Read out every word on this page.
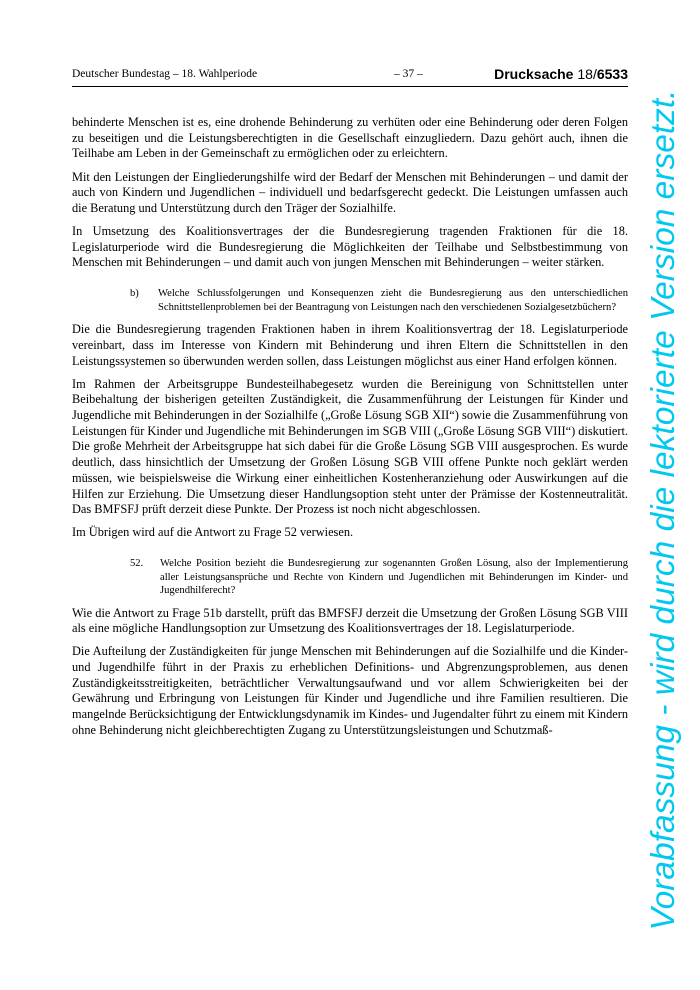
Deutscher Bundestag – 18. Wahlperiode	– 37 –	Drucksache 18/6533

behinderte Menschen ist es, eine drohende Behinderung zu verhüten oder eine Behinderung oder deren Folgen zu beseitigen und die Leistungsberechtigten in die Gesellschaft einzugliedern. Dazu gehört auch, ihnen die Teilhabe am Leben in der Gemeinschaft zu ermöglichen oder zu erleichtern.

Mit den Leistungen der Eingliederungshilfe wird der Bedarf der Menschen mit Behinderungen – und damit der auch von Kindern und Jugendlichen – individuell und bedarfsgerecht gedeckt. Die Leistungen umfassen auch die Beratung und Unterstützung durch den Träger der Sozialhilfe.

In Umsetzung des Koalitionsvertrages der die Bundesregierung tragenden Fraktionen für die 18. Legislaturperiode wird die Bundesregierung die Möglichkeiten der Teilhabe und Selbstbestimmung von Menschen mit Behinderungen – und damit auch von jungen Menschen mit Behinderungen – weiter stärken.

b)	Welche Schlussfolgerungen und Konsequenzen zieht die Bundesregierung aus den unterschiedlichen Schnittstellenproblemen bei der Beantragung von Leistungen nach den verschiedenen Sozialgesetzbüchern?

Die die Bundesregierung tragenden Fraktionen haben in ihrem Koalitionsvertrag der 18. Legislaturperiode vereinbart, dass im Interesse von Kindern mit Behinderung und ihren Eltern die Schnittstellen in den Leistungssystemen so überwunden werden sollen, dass Leistungen möglichst aus einer Hand erfolgen können.

Im Rahmen der Arbeitsgruppe Bundesteilhabegesetz wurden die Bereinigung von Schnittstellen unter Beibehaltung der bisherigen geteilten Zuständigkeit, die Zusammenführung der Leistungen für Kinder und Jugendliche mit Behinderungen in der Sozialhilfe („Große Lösung SGB XII“) sowie die Zusammenführung von Leistungen für Kinder und Jugendliche mit Behinderungen im SGB VIII („Große Lösung SGB VIII“) diskutiert. Die große Mehrheit der Arbeitsgruppe hat sich dabei für die Große Lösung SGB VIII ausgesprochen. Es wurde deutlich, dass hinsichtlich der Umsetzung der Großen Lösung SGB VIII offene Punkte noch geklärt werden müssen, wie beispielsweise die Wirkung einer einheitlichen Kostenheranziehung oder Auswirkungen auf die Hilfen zur Erziehung. Die Umsetzung dieser Handlungsoption steht unter der Prämisse der Kostenneutralität. Das BMFSFJ prüft derzeit diese Punkte. Der Prozess ist noch nicht abgeschlossen.

Im Übrigen wird auf die Antwort zu Frage 52 verwiesen.

52.	Welche Position bezieht die Bundesregierung zur sogenannten Großen Lösung, also der Implementierung aller Leistungsansprüche und Rechte von Kindern und Jugendlichen mit Behinderungen im Kinder- und Jugendhilferecht?

Wie die Antwort zu Frage 51b darstellt, prüft das BMFSFJ derzeit die Umsetzung der Großen Lösung SGB VIII als eine mögliche Handlungsoption zur Umsetzung des Koalitionsvertrages der 18. Legislaturperiode.

Die Aufteilung der Zuständigkeiten für junge Menschen mit Behinderungen auf die Sozialhilfe und die Kinder- und Jugendhilfe führt in der Praxis zu erheblichen Definitions- und Abgrenzungsproblemen, aus denen Zuständigkeitsstreitigkeiten, beträchtlicher Verwaltungsaufwand und vor allem Schwierigkeiten bei der Gewährung und Erbringung von Leistungen für Kinder und Jugendliche und ihre Familien resultieren. Die mangelnde Berücksichtigung der Entwicklungsdynamik im Kindes- und Jugendalter führt zu einem mit Kindern ohne Behinderung nicht gleichberechtigten Zugang zu Unterstützungsleistungen und Schutzmaß-	Vorabfassung - wird durch die lektorierte Version ersetzt.
